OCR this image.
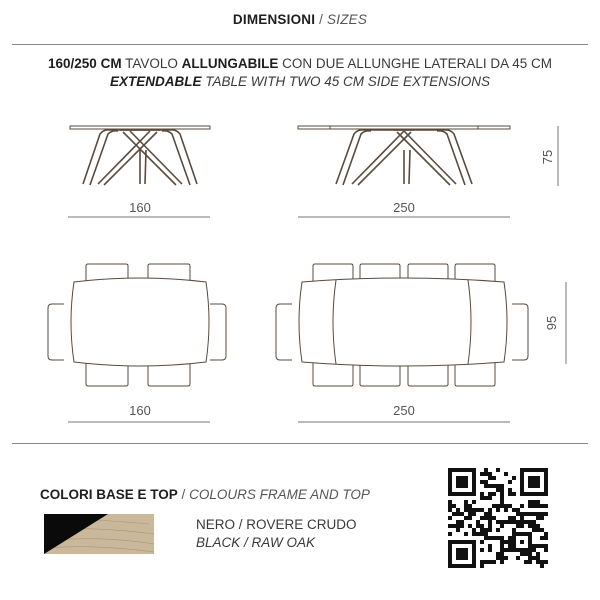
DIMENSIONI / SIZES
160/250 CM TAVOLO ALLUNGABILE CON DUE ALLUNGHE LATERALI DA 45 CM
EXTENDABLE TABLE WITH TWO 45 CM SIDE EXTENSIONS
160	250
75
160	250
95
COLORI BASE E TOP / COLOURS FRAME AND TOP
NERO / ROVERE CRUDO
BLACK / RAW OAK
